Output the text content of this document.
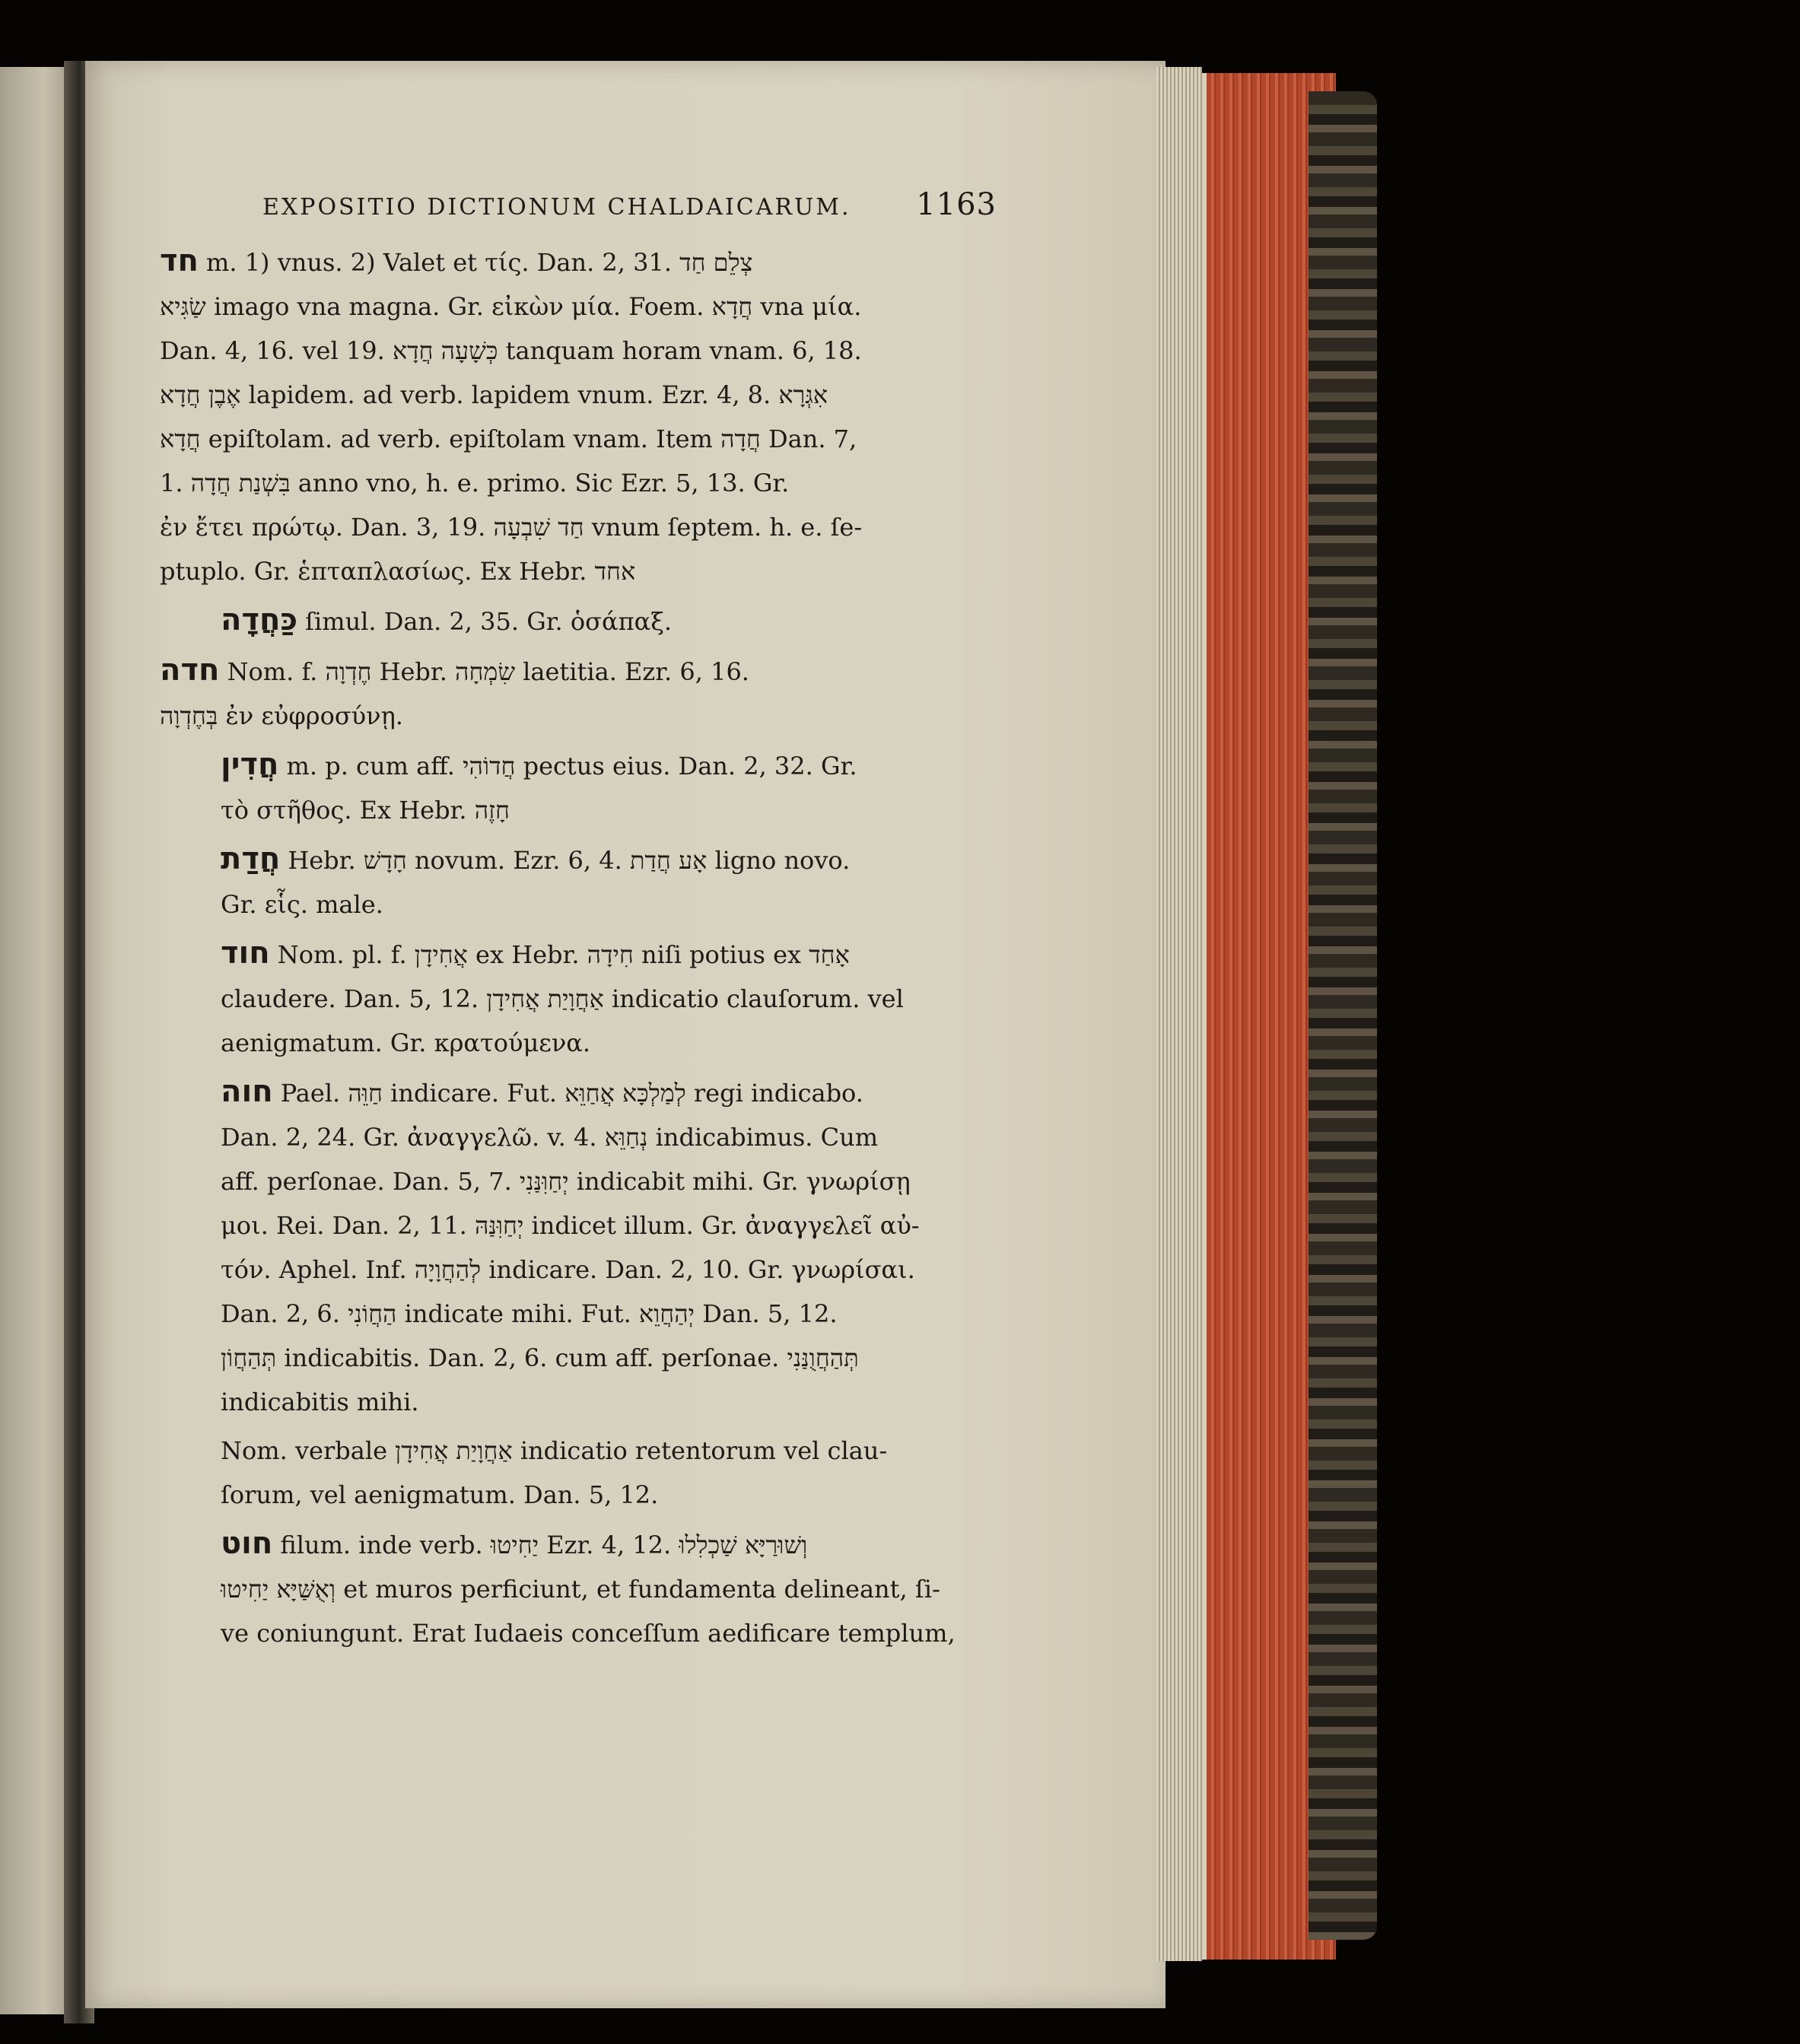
EXPOSITIO DICTIONUM CHALDAICARUM. 1163
חד m. 1) vnus. 2) Valet et τίς. Dan. 2, 31. צְלֵם חַד
שַׂגִּיא imago vna magna. Gr. εἰκὼν μία. Foem. חֲדָא vna μία.
Dan. 4, 16. vel 19. כְּשָׁעָה חֲדָא tanquam horam vnam. 6, 18.
אֶבֶן חֲדָא lapidem. ad verb. lapidem vnum. Ezr. 4, 8. אִגְּרָא
חֲדָא epiſtolam. ad verb. epiſtolam vnam. Item חֲדָה Dan. 7,
1. בִּשְׁנַת חֲדָה anno vno, h. e. primo. Sic Ezr. 5, 13. Gr.
ἐν ἔτει πρώτῳ. Dan. 3, 19. חַד שִׁבְעָה vnum ſeptem. h. e. ſe-
ptuplo. Gr. ἑπταπλασίως. Ex Hebr. אחד
כַּחֲדָה ſimul. Dan. 2, 35. Gr. ὁσάπαξ.
חדה Nom. f. חֶדְוָה Hebr. שִׂמְחָה laetitia. Ezr. 6, 16.
בְּחֶדְוָה ἐν εὐφροσύνῃ.
חֲדִין m. p. cum aff. חֲדוֹהִי pectus eius. Dan. 2, 32. Gr.
τὸ στῆθος. Ex Hebr. חָזֶה
חֲדַת Hebr. חָדָשׁ novum. Ezr. 6, 4. אָע חֲדַת ligno novo.
Gr. εἷς. male.
חוד Nom. pl. f. אֲחִידָן ex Hebr. חִידָה niſi potius ex אָחַד
claudere. Dan. 5, 12. אַחֲוָיַת אֲחִידָן indicatio clauſorum. vel
aenigmatum. Gr. κρατούμενα.
חוה Pael. חַוֵּה indicare. Fut. לְמַלְכָּא אֲחַוֵּא regi indicabo.
Dan. 2, 24. Gr. ἀναγγελῶ. v. 4. נְחַוֵּא indicabimus. Cum
aff. perſonae. Dan. 5, 7. יְחַוִּנַּנִי indicabit mihi. Gr. γνωρίσῃ
μοι. Rei. Dan. 2, 11. יְחַוִּנַּהּ indicet illum. Gr. ἀναγγελεῖ αὐ-
τόν. Aphel. Inf. לְהַחֲוָיָה indicare. Dan. 2, 10. Gr. γνωρίσαι.
Dan. 2, 6. הַחֲוֹנִי indicate mihi. Fut. יְהַחֲוֵא Dan. 5, 12.
תְּהַחֲוֹן indicabitis. Dan. 2, 6. cum aff. perſonae. תְּהַחֲוֻנַּנִי
indicabitis mihi.
Nom. verbale אַחֲוָיַת אֲחִידָן indicatio retentorum vel clau-
ſorum, vel aenigmatum. Dan. 5, 12.
חוט filum. inde verb. יַחִיטוּ Ezr. 4, 12. וְשׁוּרַיָּא שַׁכְלִלוּ
וְאֻשַּׁיָּא יַחִיטוּ et muros perficiunt, et fundamenta delineant, ſi-
ve coniungunt. Erat Iudaeis conceſſum aedificare templum,
